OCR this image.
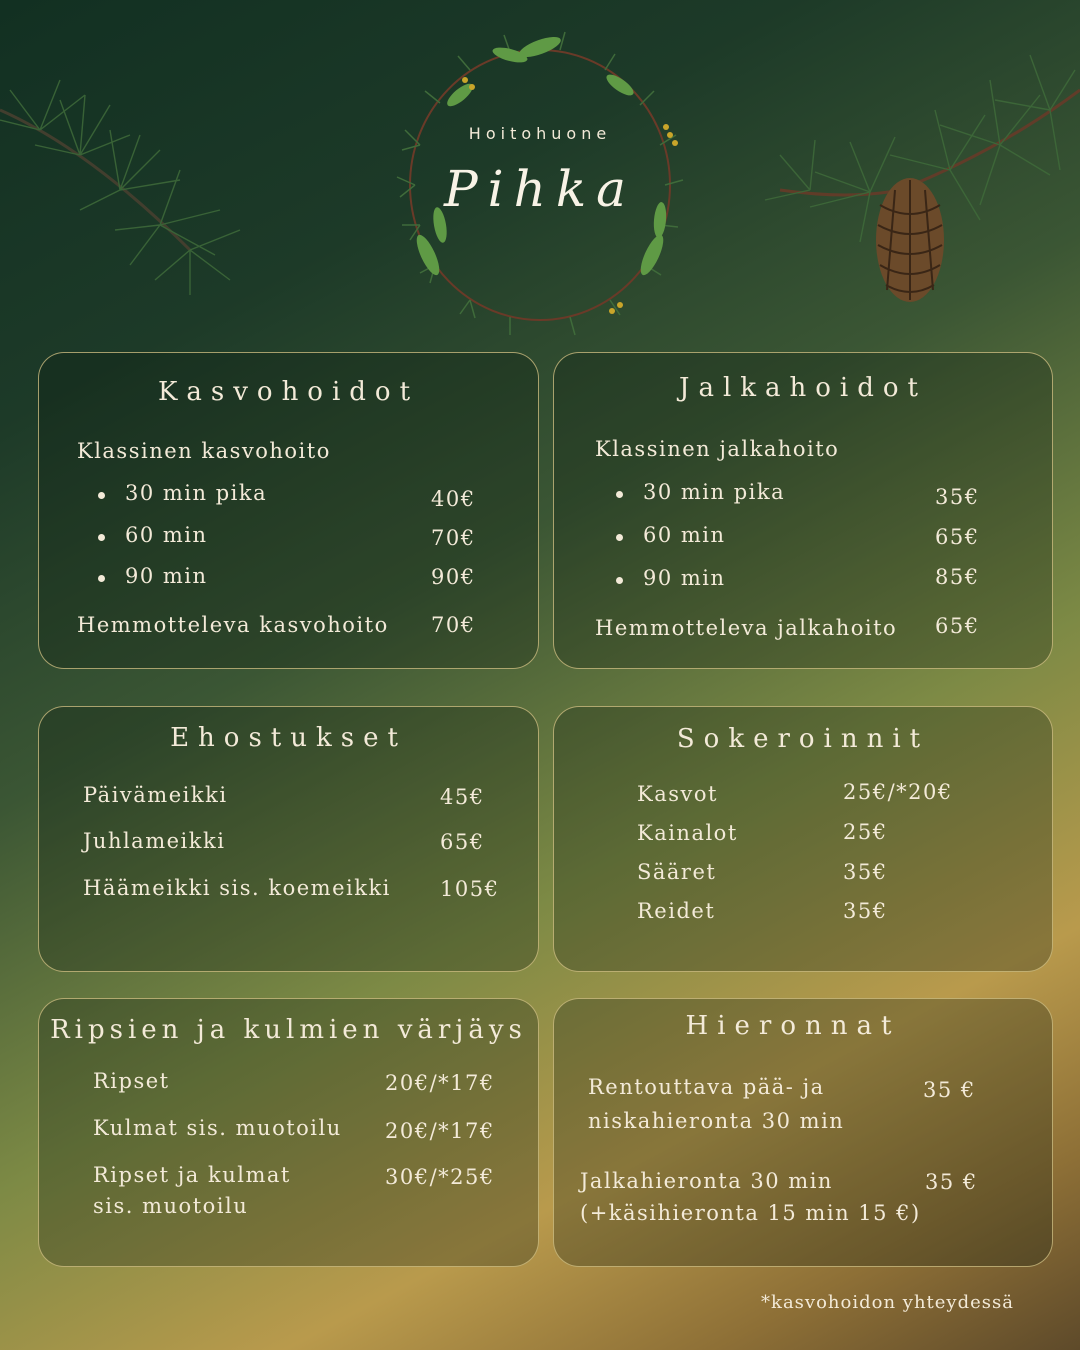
Hoitohuone
Pihka
Kasvohoidot
Klassinen kasvohoito
30 min pika	40€
60 min	70€
90 min	90€
Hemmotteleva kasvohoito 70€
Jalkahoidot
Klassinen jalkahoito
30 min pika	35€
60 min	65€
90 min	85€
Hemmotteleva jalkahoito 65€
Ehostukset
Päivämeikki	45€
Juhlameikki	65€
Häämeikki sis. koemeikki 105€
Sokeroinnit
Kasvot	25€/*20€
Kainalot	25€
Sääret	35€
Reidet	35€
Ripsien ja kulmien värjäys
Ripset	20€/*17€
Kulmat sis. muotoilu 20€/*17€
Ripset ja kulmat
sis. muotoilu
30€/*25€
Hieronnat
Rentouttava pää- ja
niskahieronta 30 min
35 €
Jalkahieronta 30 min
(+käsihieronta 15 min 15 €)
35 €
*kasvohoidon yhteydessä
